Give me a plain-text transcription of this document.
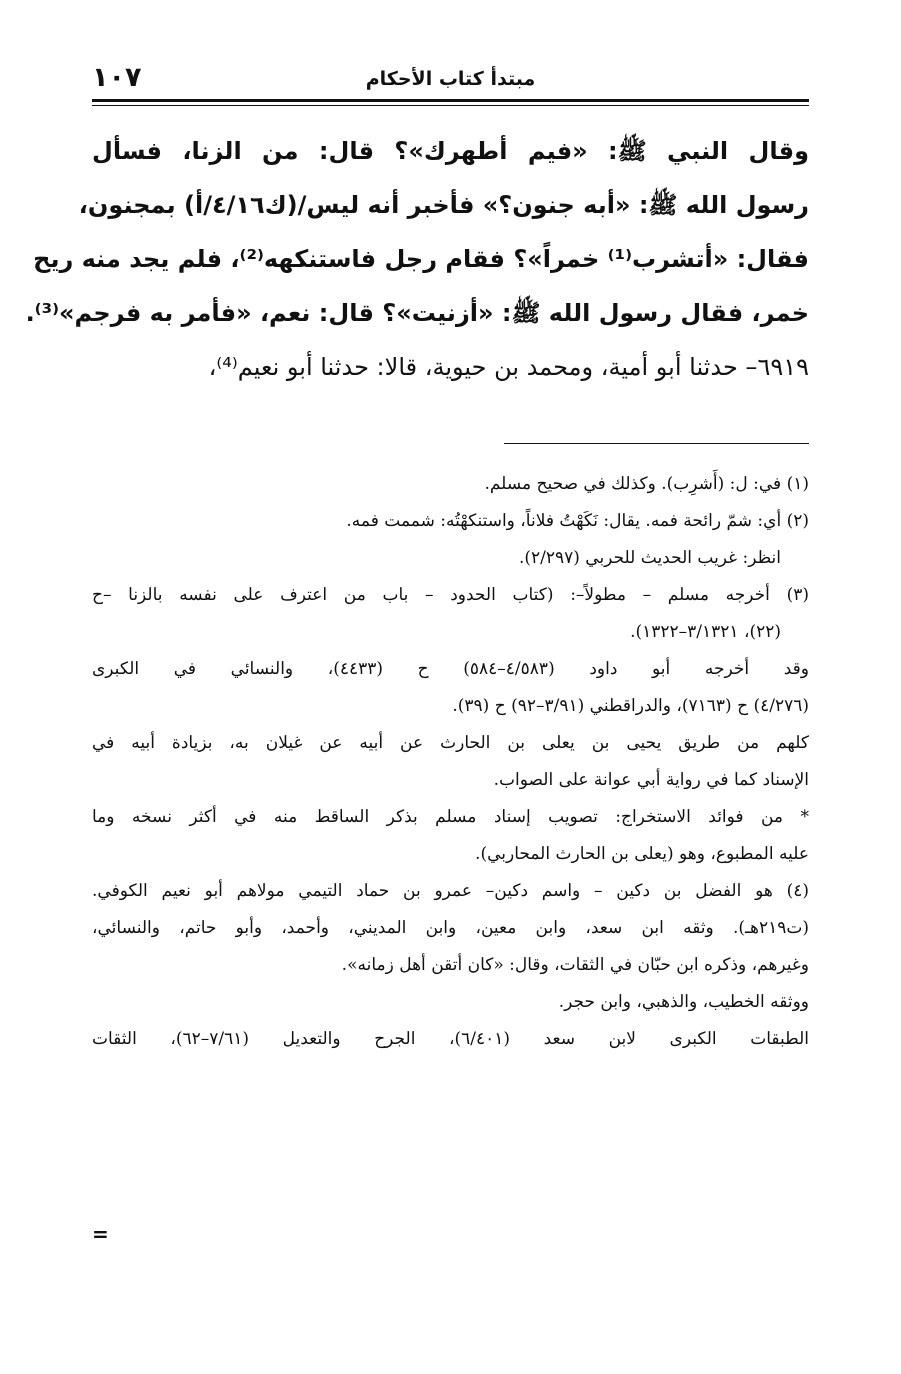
مبتدأ كتاب الأحكام
١٠٧
وقال النبي ﷺ: «فيم أطهرك»؟ قال: من الزنا، فسأل
رسول الله ﷺ: «أبه جنون؟» فأخبر أنه ليس/(ك٤/١٦/أ) بمجنون،
فقال: «أتشرب⁽¹⁾ خمراً»؟ فقام رجل فاستنكهه⁽²⁾، فلم يجد منه ريح
خمر، فقال رسول الله ﷺ: «أزنيت»؟ قال: نعم، «فأمر به فرجم»⁽³⁾.
٦٩١٩– حدثنا أبو أمية، ومحمد بن حيوية، قالا: حدثنا أبو نعيم⁽⁴⁾،
(١) في: ل: (أَشرِب). وكذلك في صحيح مسلم.
(٢) أي: شمّ رائحة فمه. يقال: نَكَهْتُ فلاناً، واستنكهْتُه: شممت فمه.
انظر: غريب الحديث للحربي (٢/٢٩٧).
(٣) أخرجه مسلم – مطولاً–: (كتاب الحدود – باب من اعترف على نفسه بالزنا –ح
(٢٢)، ٣/١٣٢١–١٣٢٢).
وقد أخرجه أبو داود (٤/٥٨٣–٥٨٤) ح (٤٤٣٣)، والنسائي في الكبرى
(٤/٢٧٦) ح (٧١٦٣)، والدراقطني (٣/٩١–٩٢) ح (٣٩).
كلهم من طريق يحيى بن يعلى بن الحارث عن أبيه عن غيلان به، بزيادة أبيه في
الإسناد كما في رواية أبي عوانة على الصواب.
* من فوائد الاستخراج: تصويب إسناد مسلم بذكر الساقط منه في أكثر نسخه وما
عليه المطبوع، وهو (يعلى بن الحارث المحاربي).
(٤) هو الفضل بن دكين – واسم دكين– عمرو بن حماد التيمي مولاهم أبو نعيم الكوفي.
(ت٢١٩هـ). وثقه ابن سعد، وابن معين، وابن المديني، وأحمد، وأبو حاتم، والنسائي،
وغيرهم، وذكره ابن حبّان في الثقات، وقال: «كان أتقن أهل زمانه».
ووثقه الخطيب، والذهبي، وابن حجر.
الطبقات الكبرى لابن سعد (٦/٤٠١)، الجرح والتعديل (٧/٦١–٦٢)، الثقات
=
